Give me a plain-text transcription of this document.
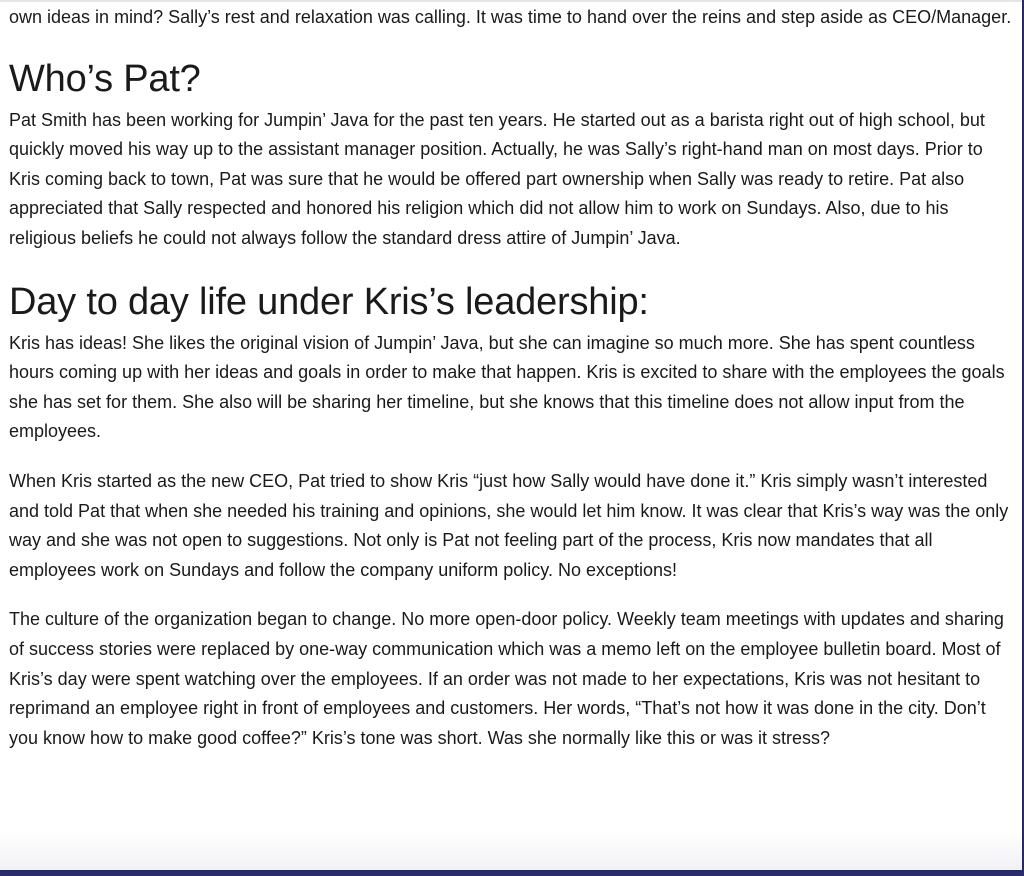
own ideas in mind? Sally’s rest and relaxation was calling. It was time to hand over the reins and step aside as CEO/Manager.

Who’s Pat?

Pat Smith has been working for Jumpin’ Java for the past ten years. He started out as a barista right out of high school, but quickly moved his way up to the assistant manager position. Actually, he was Sally’s right-hand man on most days. Prior to Kris coming back to town, Pat was sure that he would be offered part ownership when Sally was ready to retire. Pat also appreciated that Sally respected and honored his religion which did not allow him to work on Sundays. Also, due to his religious beliefs he could not always follow the standard dress attire of Jumpin’ Java.

Day to day life under Kris’s leadership:

Kris has ideas! She likes the original vision of Jumpin’ Java, but she can imagine so much more. She has spent countless hours coming up with her ideas and goals in order to make that happen. Kris is excited to share with the employees the goals she has set for them. She also will be sharing her timeline, but she knows that this timeline does not allow input from the employees.

When Kris started as the new CEO, Pat tried to show Kris “just how Sally would have done it.” Kris simply wasn’t interested and told Pat that when she needed his training and opinions, she would let him know. It was clear that Kris’s way was the only way and she was not open to suggestions. Not only is Pat not feeling part of the process, Kris now mandates that all employees work on Sundays and follow the company uniform policy. No exceptions!

The culture of the organization began to change. No more open-door policy. Weekly team meetings with updates and sharing of success stories were replaced by one-way communication which was a memo left on the employee bulletin board. Most of Kris’s day were spent watching over the employees. If an order was not made to her expectations, Kris was not hesitant to reprimand an employee right in front of employees and customers. Her words, “That’s not how it was done in the city. Don’t you know how to make good coffee?” Kris’s tone was short. Was she normally like this or was it stress?
